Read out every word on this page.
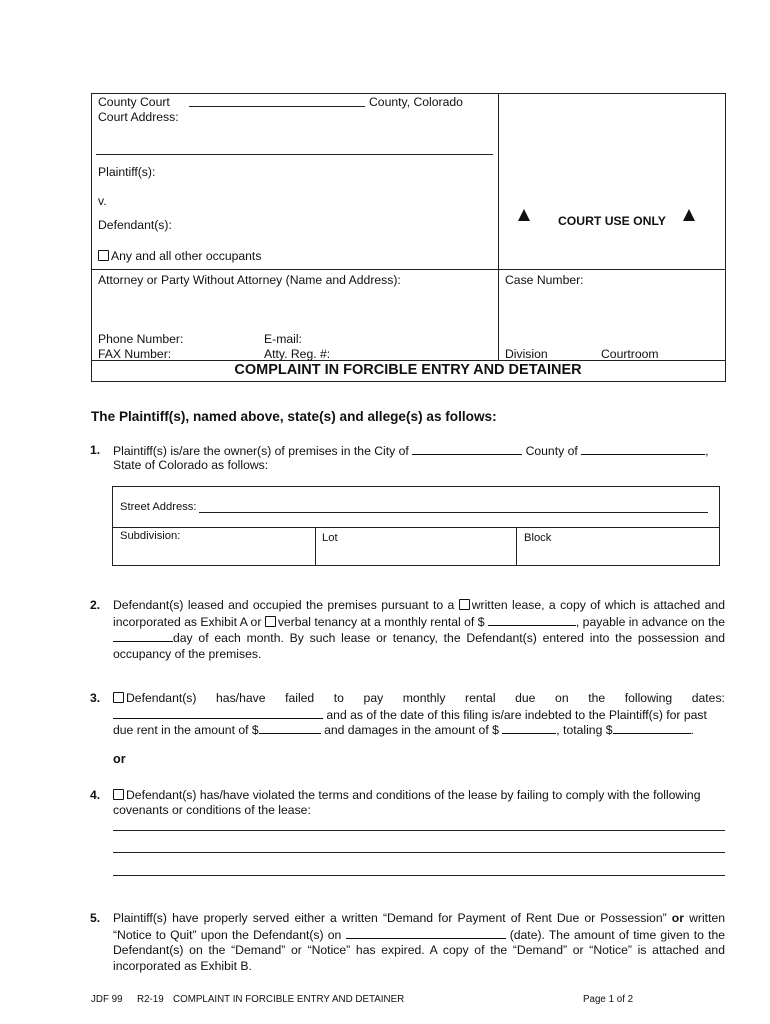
County Court	County, Colorado
Court Address:
Plaintiff(s):
v.
Defendant(s):
Any and all other occupants
COURT USE ONLY
Attorney or Party Without Attorney (Name and Address):	Case Number:
Phone Number:	E-mail:
FAX Number:	Atty. Reg. #:	Division	Courtroom
COMPLAINT IN FORCIBLE ENTRY AND DETAINER
The Plaintiff(s), named above, state(s) and allege(s) as follows:
1. Plaintiff(s) is/are the owner(s) of premises in the City of	County of	,
State of Colorado as follows:
Street Address:
Subdivision:	Lot	Block
2. Defendant(s) leased and occupied the premises pursuant to a written lease, a copy of which is attached and incorporated as Exhibit A or verbal tenancy at a monthly rental of $	, payable in advance on the day of each month. By such lease or tenancy, the Defendant(s) entered into the possession and occupancy of the premises.
3.	Defendant(s) has/have failed to pay monthly rental due on the following dates:
and as of the date of this filing is/are indebted to the Plaintiff(s) for past
due rent in the amount of $	and damages in the amount of $	, totaling $	.
or
4.	Defendant(s) has/have violated the terms and conditions of the lease by failing to comply with the following
covenants or conditions of the lease:
5. Plaintiff(s) have properly served either a written “Demand for Payment of Rent Due or Possession” or written “Notice to Quit” upon the Defendant(s) on	(date). The amount of time given to the Defendant(s) on the “Demand” or “Notice” has expired. A copy of the “Demand” or “Notice” is attached and incorporated as Exhibit B.
JDF 99 R2-19 COMPLAINT IN FORCIBLE ENTRY AND DETAINER	Page 1 of 2
